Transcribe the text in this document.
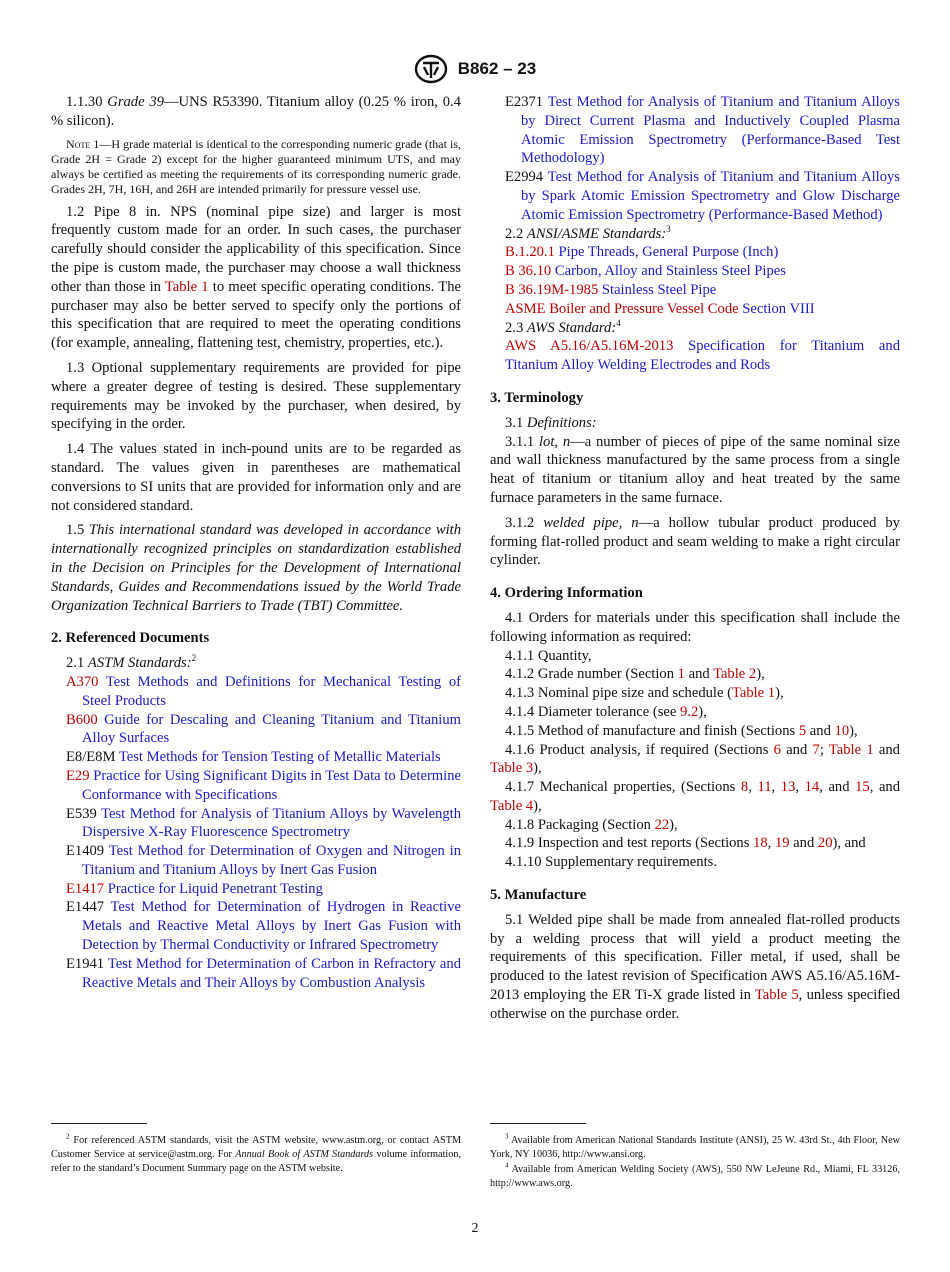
B862 – 23

1.1.30 Grade 39—UNS R53390. Titanium alloy (0.25 % iron, 0.4 % silicon).

Note 1—H grade material is identical to the corresponding numeric grade (that is, Grade 2H = Grade 2) except for the higher guaranteed minimum UTS, and may always be certified as meeting the requirements of its corresponding numeric grade. Grades 2H, 7H, 16H, and 26H are intended primarily for pressure vessel use.

1.2 Pipe 8 in. NPS (nominal pipe size) and larger is most frequently custom made for an order. In such cases, the purchaser carefully should consider the applicability of this specification. Since the pipe is custom made, the purchaser may choose a wall thickness other than those in Table 1 to meet specific operating conditions. The purchaser may also be better served to specify only the portions of this specification that are required to meet the operating conditions (for example, annealing, flattening test, chemistry, properties, etc.).

1.3 Optional supplementary requirements are provided for pipe where a greater degree of testing is desired. These supplementary requirements may be invoked by the purchaser, when desired, by specifying in the order.

1.4 The values stated in inch-pound units are to be regarded as standard. The values given in parentheses are mathematical conversions to SI units that are provided for information only and are not considered standard.

1.5 This international standard was developed in accordance with internationally recognized principles on standardization established in the Decision on Principles for the Development of International Standards, Guides and Recommendations issued by the World Trade Organization Technical Barriers to Trade (TBT) Committee.

2. Referenced Documents

2.1 ASTM Standards:$^2$

A370 Test Methods and Definitions for Mechanical Testing of Steel Products

B600 Guide for Descaling and Cleaning Titanium and Titanium Alloy Surfaces

E8/E8M Test Methods for Tension Testing of Metallic Materials

E29 Practice for Using Significant Digits in Test Data to Determine Conformance with Specifications

E539 Test Method for Analysis of Titanium Alloys by Wavelength Dispersive X-Ray Fluorescence Spectrometry

E1409 Test Method for Determination of Oxygen and Nitrogen in Titanium and Titanium Alloys by Inert Gas Fusion

E1417 Practice for Liquid Penetrant Testing

E1447 Test Method for Determination of Hydrogen in Reactive Metals and Reactive Metal Alloys by Inert Gas Fusion with Detection by Thermal Conductivity or Infrared Spectrometry

E1941 Test Method for Determination of Carbon in Refractory and Reactive Metals and Their Alloys by Combustion Analysis

E2371 Test Method for Analysis of Titanium and Titanium Alloys by Direct Current Plasma and Inductively Coupled Plasma Atomic Emission Spectrometry (Performance-Based Test Methodology)

E2994 Test Method for Analysis of Titanium and Titanium Alloys by Spark Atomic Emission Spectrometry and Glow Discharge Atomic Emission Spectrometry (Performance-Based Method)

2.2 ANSI/ASME Standards:$^3$

B.1.20.1 Pipe Threads, General Purpose (Inch)

B 36.10 Carbon, Alloy and Stainless Steel Pipes

B 36.19M-1985 Stainless Steel Pipe

ASME Boiler and Pressure Vessel Code Section VIII

2.3 AWS Standard:$^4$

AWS A5.16/A5.16M-2013 Specification for Titanium and Titanium Alloy Welding Electrodes and Rods

3. Terminology

3.1 Definitions:

3.1.1 lot, n—a number of pieces of pipe of the same nominal size and wall thickness manufactured by the same process from a single heat of titanium or titanium alloy and heat treated by the same furnace parameters in the same furnace.

3.1.2 welded pipe, n—a hollow tubular product produced by forming flat-rolled product and seam welding to make a right circular cylinder.

4. Ordering Information

4.1 Orders for materials under this specification shall include the following information as required:

4.1.1 Quantity,

4.1.2 Grade number (Section 1 and Table 2),

4.1.3 Nominal pipe size and schedule (Table 1),

4.1.4 Diameter tolerance (see 9.2),

4.1.5 Method of manufacture and finish (Sections 5 and 10),

4.1.6 Product analysis, if required (Sections 6 and 7; Table 1 and Table 3),

4.1.7 Mechanical properties, (Sections 8, 11, 13, 14, and 15, and Table 4),

4.1.8 Packaging (Section 22),

4.1.9 Inspection and test reports (Sections 18, 19 and 20), and

4.1.10 Supplementary requirements.

5. Manufacture

5.1 Welded pipe shall be made from annealed flat-rolled products by a welding process that will yield a product meeting the requirements of this specification. Filler metal, if used, shall be produced to the latest revision of Specification AWS A5.16/A5.16M-2013 employing the ER Ti-X grade listed in Table 5, unless specified otherwise on the purchase order.

$^2$ For referenced ASTM standards, visit the ASTM website, www.astm.org, or contact ASTM Customer Service at service@astm.org. For Annual Book of ASTM Standards volume information, refer to the standard’s Document Summary page on the ASTM website.
$^3$ Available from American National Standards Institute (ANSI), 25 W. 43rd St., 4th Floor, New York, NY 10036, http://www.ansi.org.
$^4$ Available from American Welding Society (AWS), 550 NW LeJeune Rd., Miami, FL 33126, http://www.aws.org.
2
